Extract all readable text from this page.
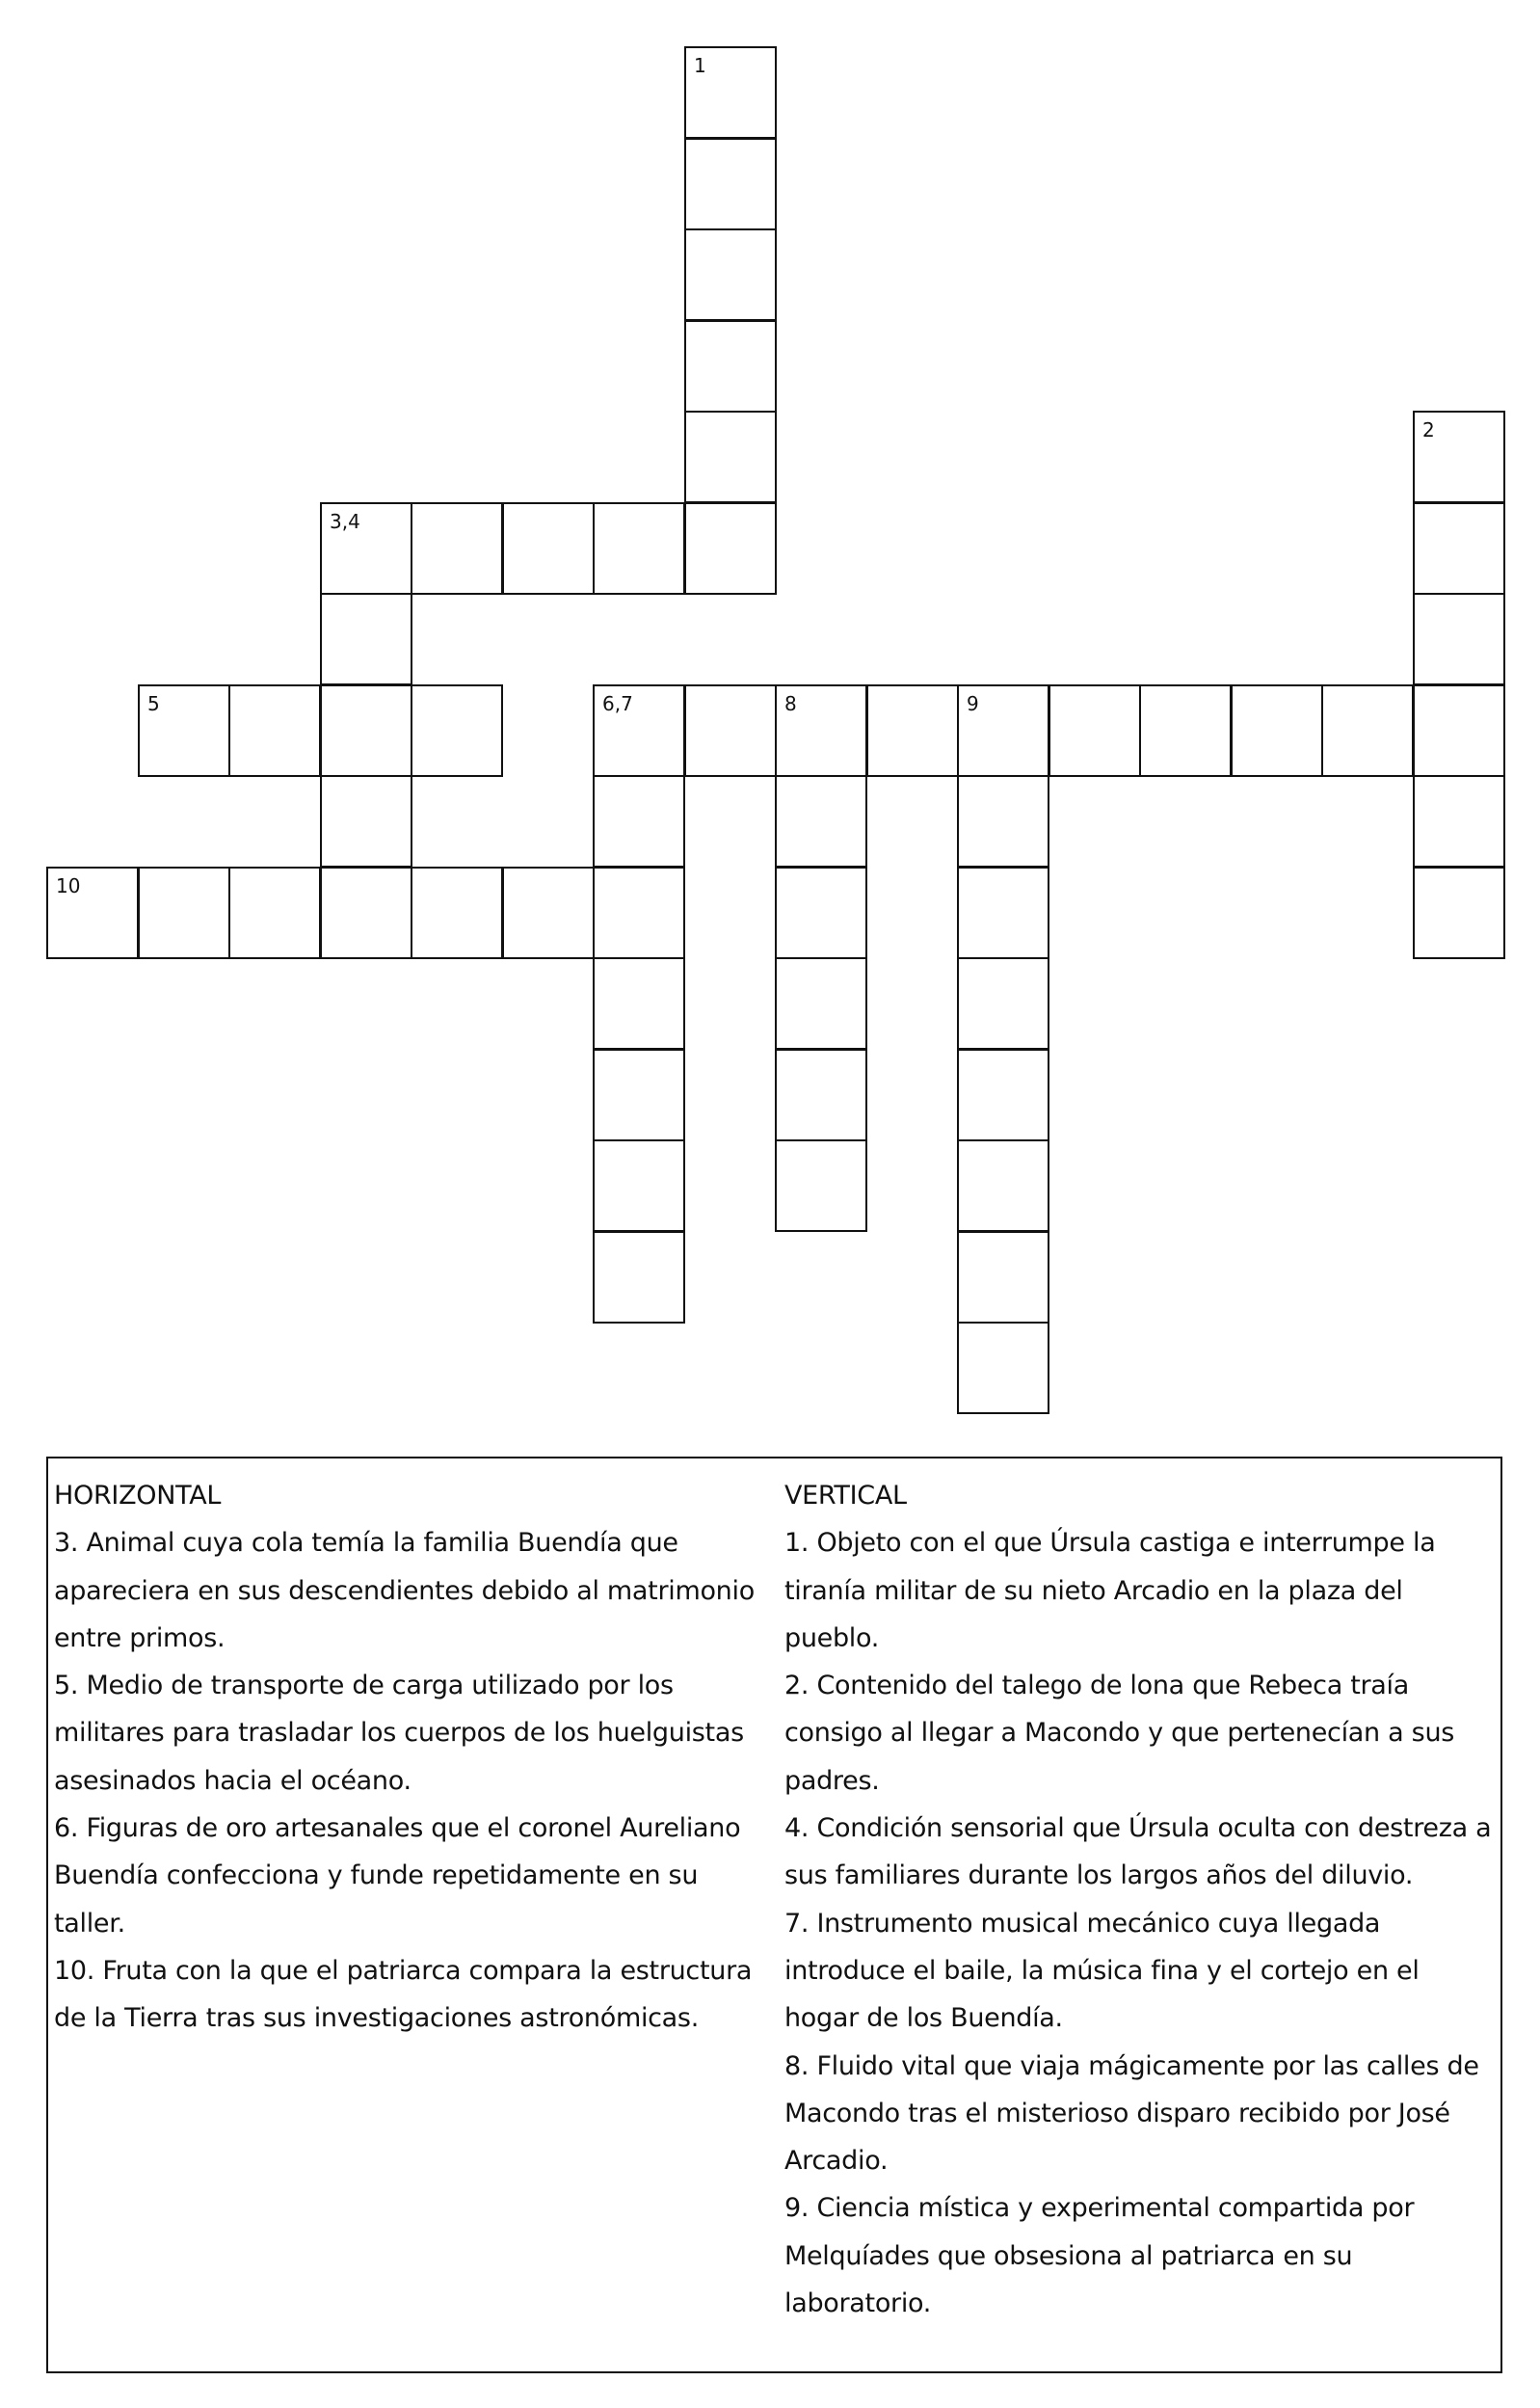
3,4
5	6,7	8	9
10
1
2

HORIZONTAL

3. Animal cuya cola temía la familia Buendía que apareciera en sus descendientes debido al matrimonio entre primos.

5. Medio de transporte de carga utilizado por los militares para trasladar los cuerpos de los huelguistas asesinados hacia el océano.

6. Figuras de oro artesanales que el coronel Aureliano Buendía confecciona y funde repetidamente en su taller.

10. Fruta con la que el patriarca compara la estructura de la Tierra tras sus investigaciones astronómicas.

VERTICAL

1. Objeto con el que Úrsula castiga e interrumpe la tiranía militar de su nieto Arcadio en la plaza del pueblo.

2. Contenido del talego de lona que Rebeca traía consigo al llegar a Macondo y que pertenecían a sus padres.

4. Condición sensorial que Úrsula oculta con destreza a sus familiares durante los largos años del diluvio.

7. Instrumento musical mecánico cuya llegada introduce el baile, la música fina y el cortejo en el hogar de los Buendía.

8. Fluido vital que viaja mágicamente por las calles de Macondo tras el misterioso disparo recibido por José Arcadio.

9. Ciencia mística y experimental compartida por Melquíades que obsesiona al patriarca en su laboratorio.
